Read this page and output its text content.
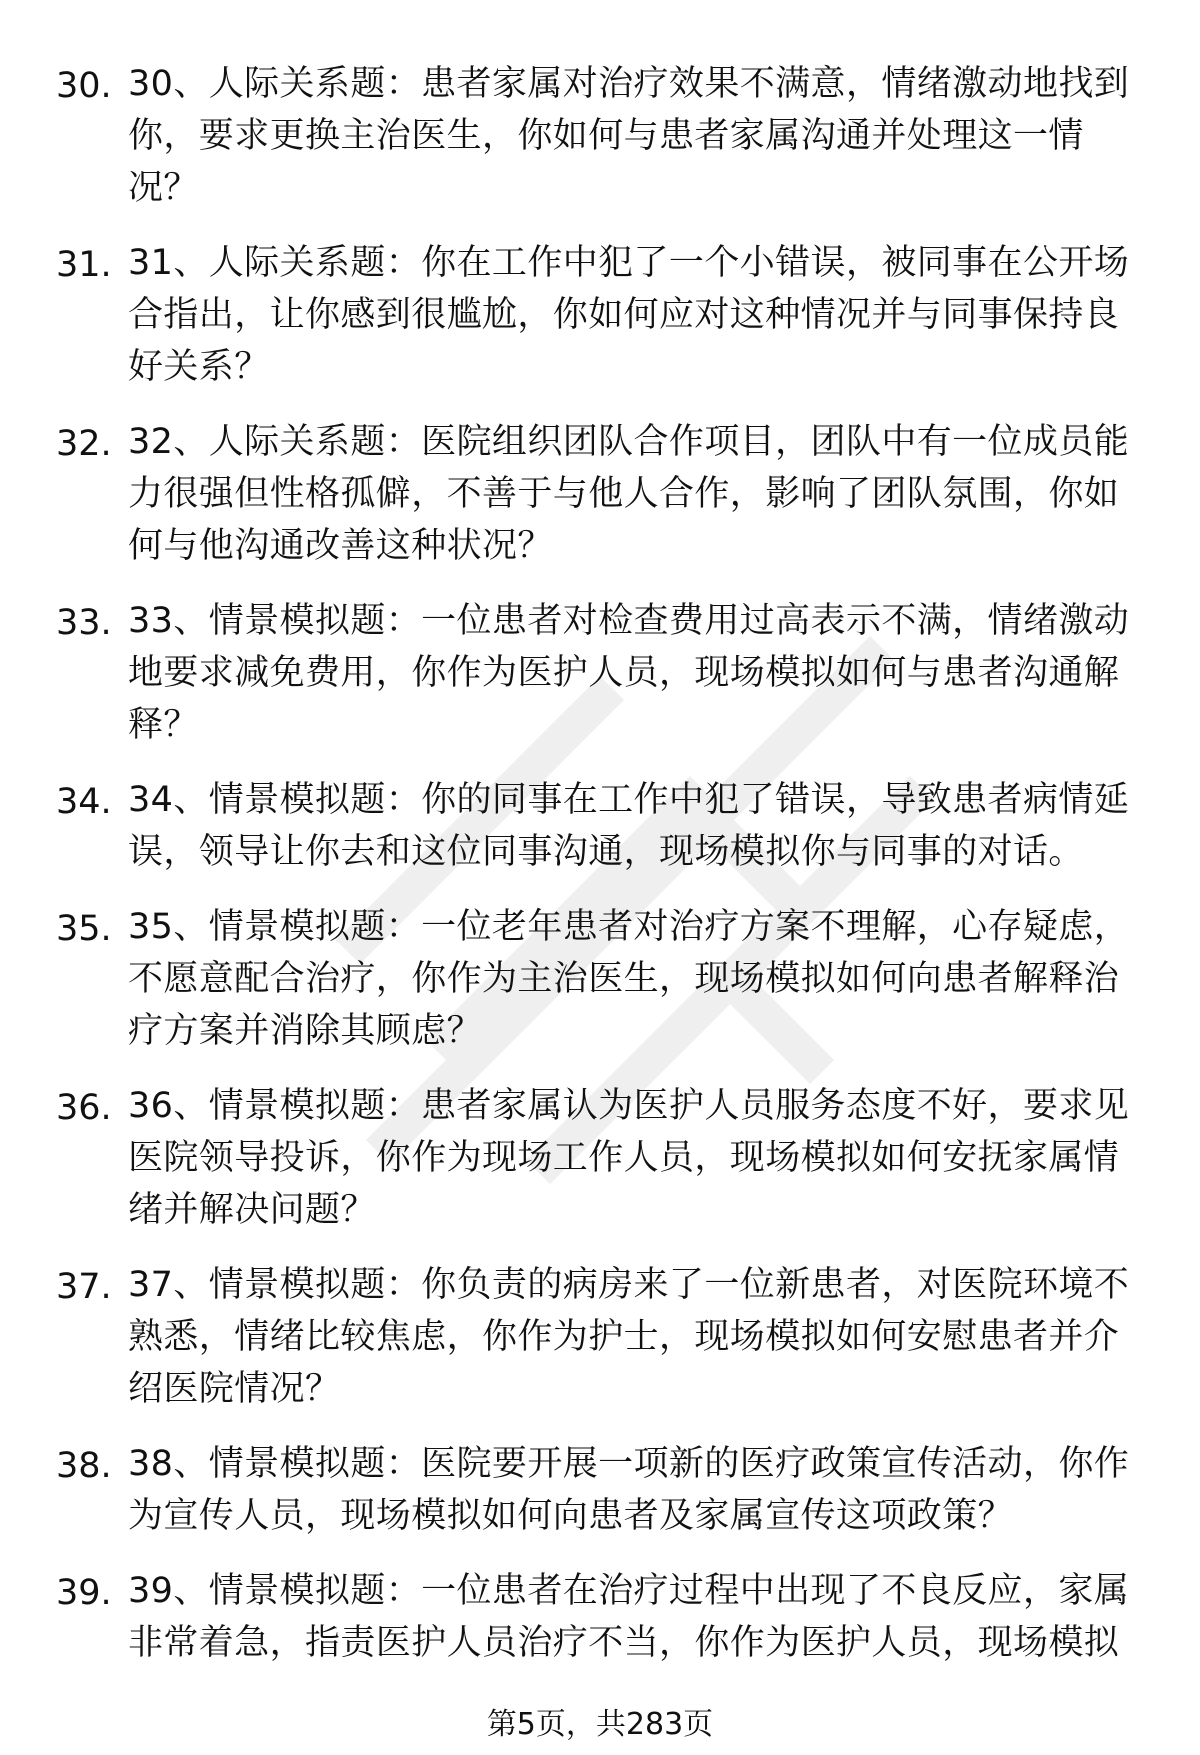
30. 30、人际关系题：患者家属对治疗效果不满意，情绪激动地找到你，要求更换主治医生，你如何与患者家属沟通并处理这一情况？
31. 31、人际关系题：你在工作中犯了一个小错误，被同事在公开场合指出，让你感到很尴尬，你如何应对这种情况并与同事保持良好关系？
32. 32、人际关系题：医院组织团队合作项目，团队中有一位成员能力很强但性格孤僻，不善于与他人合作，影响了团队氛围，你如何与他沟通改善这种状况？
33. 33、情景模拟题：一位患者对检查费用过高表示不满，情绪激动地要求减免费用，你作为医护人员，现场模拟如何与患者沟通解释？
34. 34、情景模拟题：你的同事在工作中犯了错误，导致患者病情延误，领导让你去和这位同事沟通，现场模拟你与同事的对话。
35. 35、情景模拟题：一位老年患者对治疗方案不理解，心存疑虑，不愿意配合治疗，你作为主治医生，现场模拟如何向患者解释治疗方案并消除其顾虑？
36. 36、情景模拟题：患者家属认为医护人员服务态度不好，要求见医院领导投诉，你作为现场工作人员，现场模拟如何安抚家属情绪并解决问题？
37. 37、情景模拟题：你负责的病房来了一位新患者，对医院环境不熟悉，情绪比较焦虑，你作为护士，现场模拟如何安慰患者并介绍医院情况？
38. 38、情景模拟题：医院要开展一项新的医疗政策宣传活动，你作为宣传人员，现场模拟如何向患者及家属宣传这项政策？
39. 39、情景模拟题：一位患者在治疗过程中出现了不良反应，家属非常着急，指责医护人员治疗不当，你作为医护人员，现场模拟
第5页，共283页
